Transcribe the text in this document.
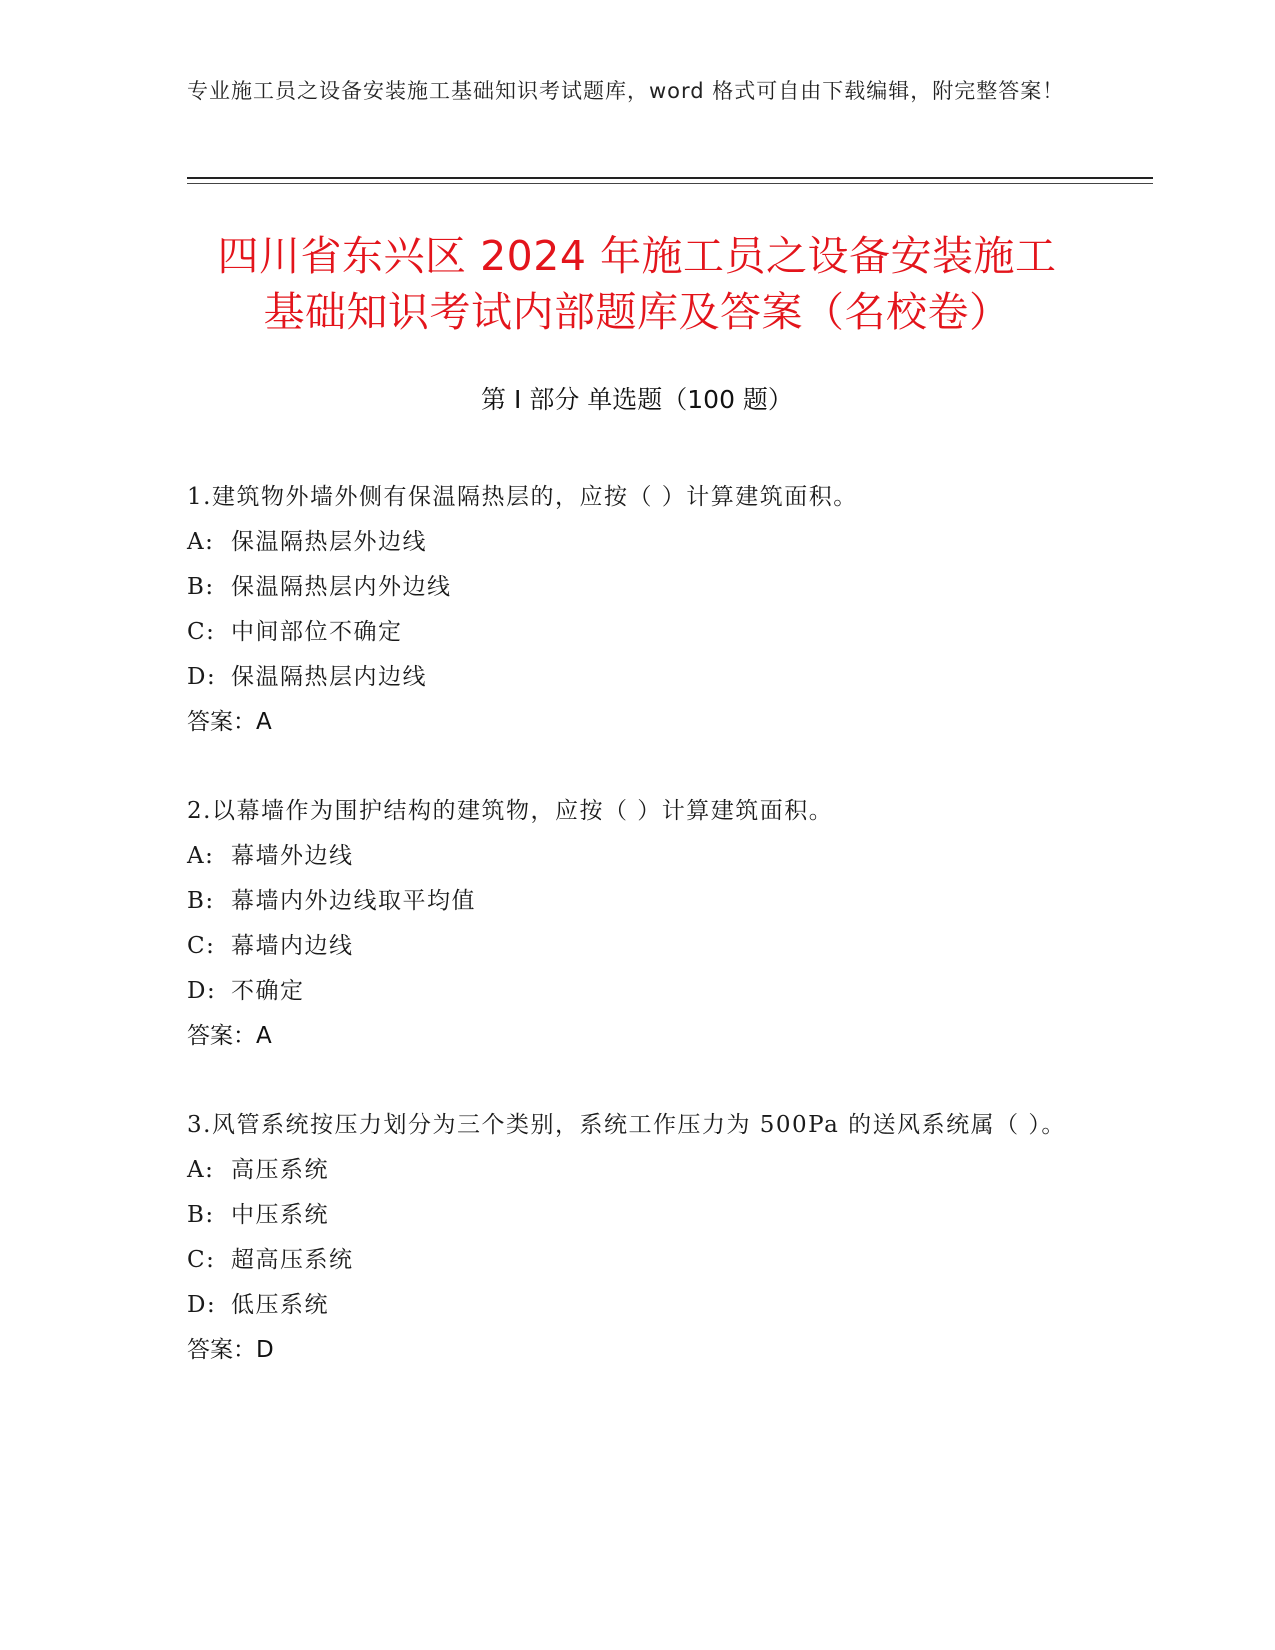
专业施工员之设备安装施工基础知识考试题库，word 格式可自由下载编辑，附完整答案！
四川省东兴区 2024 年施工员之设备安装施工
基础知识考试内部题库及答案（名校卷）
第 I 部分 单选题（100 题）

1.建筑物外墙外侧有保温隔热层的，应按（ ）计算建筑面积。

A: 保温隔热层外边线

B: 保温隔热层内外边线

C: 中间部位不确定

D: 保温隔热层内边线

答案：A

2.以幕墙作为围护结构的建筑物，应按（ ）计算建筑面积。

A: 幕墙外边线

B: 幕墙内外边线取平均值

C: 幕墙内边线

D: 不确定

答案：A

3.风管系统按压力划分为三个类别，系统工作压力为 500Pa 的送风系统属（ ）。

A: 高压系统

B: 中压系统

C: 超高压系统

D: 低压系统

答案：D
